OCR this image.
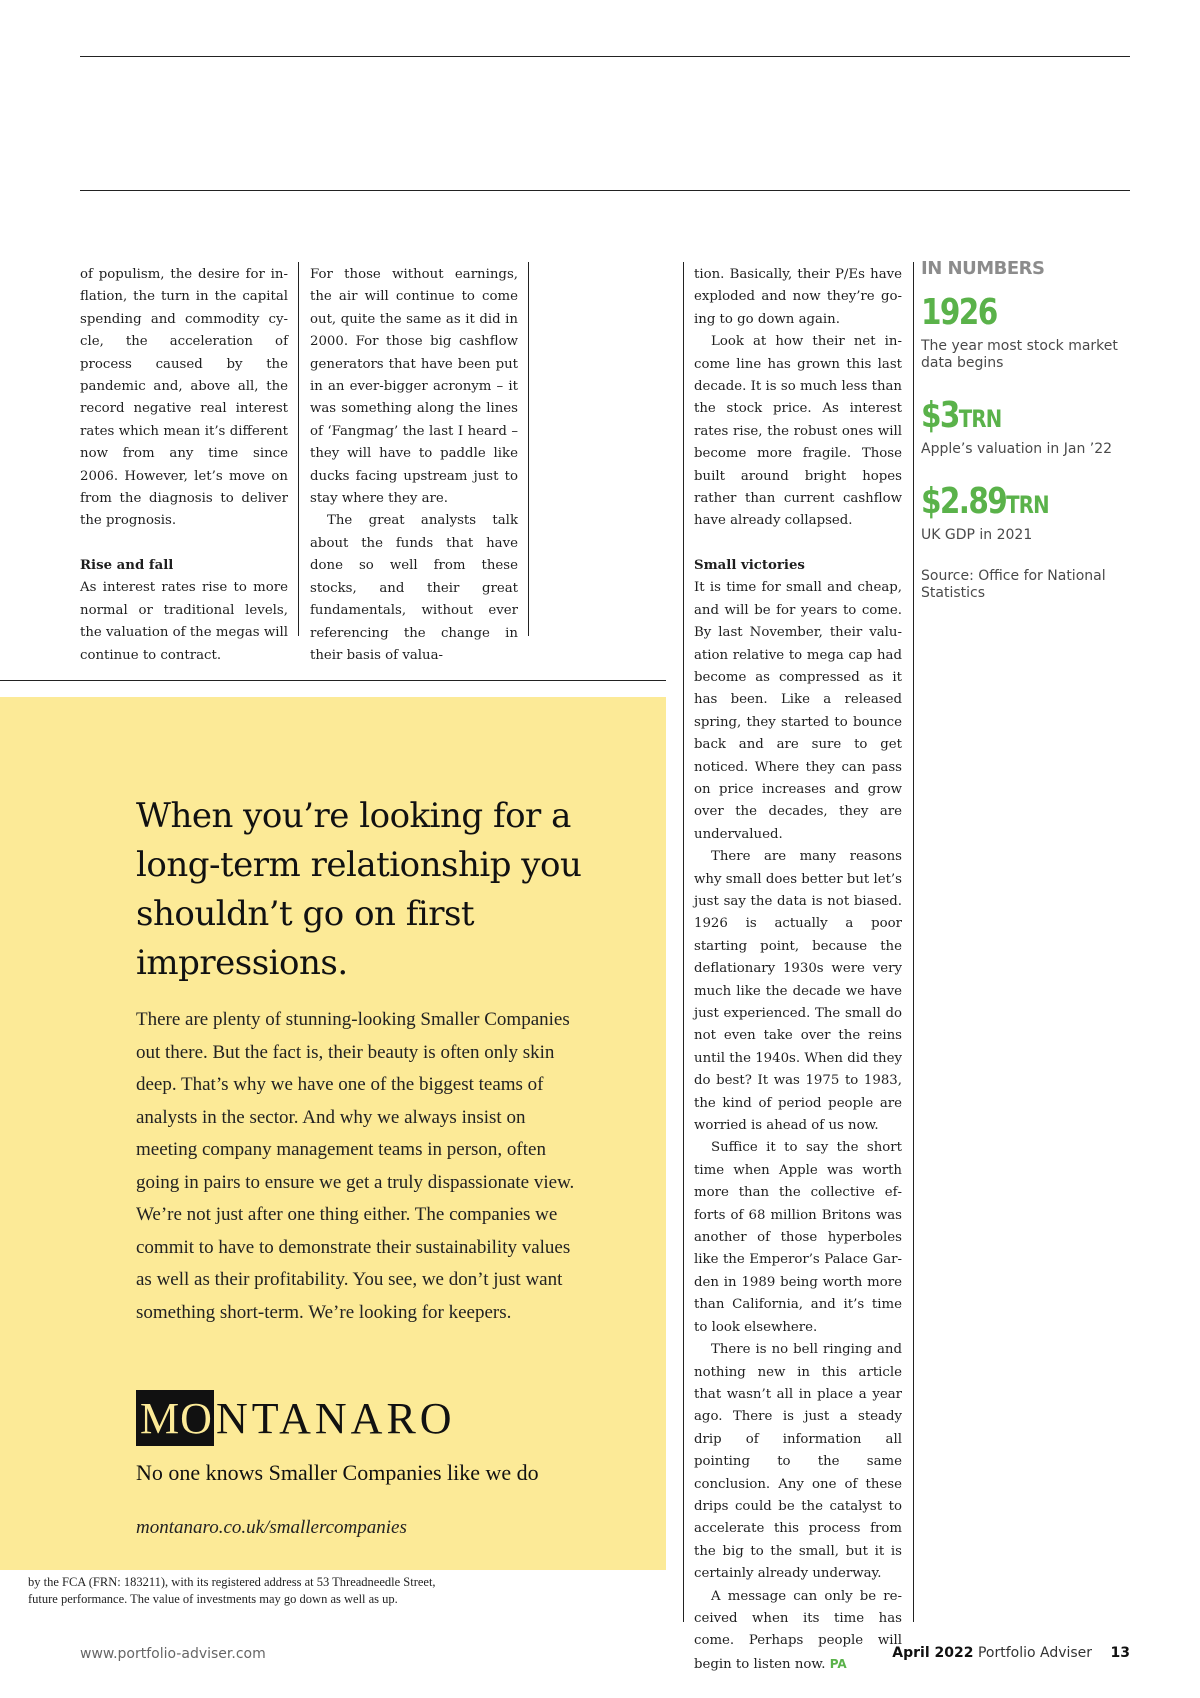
of populism, the desire for inflation, the turn in the capital spending and commodity cycle, the acceleration of process caused by the pandemic and, above all, the record negative real interest rates which mean it’s different now from any time since 2006. However, let’s move on from the diagnosis to deliver the prognosis.

Rise and fall

As interest rates rise to more normal or traditional levels, the valuation of the megas will continue to contract.

For those without earnings, the air will continue to come out, quite the same as it did in 2000. For those big cashflow generators that have been put in an ever-bigger acronym – it was something along the lines of ‘Fangmag’ the last I heard – they will have to paddle like ducks facing upstream just to stay where they are.

The great analysts talk about the funds that have done so well from these stocks, and their great fundamentals, without ever referencing the change in their basis of valua-

tion. Basically, their P/Es have exploded and now they’re going to go down again.

Look at how their net income line has grown this last decade. It is so much less than the stock price. As interest rates rise, the robust ones will become more fragile. Those built around bright hopes rather than current cashflow have already collapsed.

Small victories

It is time for small and cheap, and will be for years to come. By last November, their valuation relative to mega cap had become as compressed as it has been. Like a released spring, they started to bounce back and are sure to get noticed. Where they can pass on price increases and grow over the decades, they are undervalued.

There are many reasons why small does better but let’s just say the data is not biased. 1926 is actually a poor starting point, because the deflationary 1930s were very much like the decade we have just experienced. The small do not even take over the reins until the 1940s. When did they do best? It was 1975 to 1983, the kind of period people are worried is ahead of us now.

Suffice it to say the short time when Apple was worth more than the collective efforts of 68 million Britons was another of those hyperboles like the Emperor’s Palace Garden in 1989 being worth more than California, and it’s time to look elsewhere.

There is no bell ringing and nothing new in this article that wasn’t all in place a year ago. There is just a steady drip of information all pointing to the same conclusion. Any one of these drips could be the catalyst to accelerate this process from the big to the small, but it is certainly already underway.

A message can only be received when its time has come. Perhaps people will begin to listen now. PA

IN NUMBERS
1926
The year most stock market data begins
$3TRN
Apple’s valuation in Jan ’22
$2.89TRN
UK GDP in 2021
Source: Office for National Statistics
When you’re looking for a long-term relationship you shouldn’t go on first impressions.
There are plenty of stunning-looking Smaller Companies out there. But the fact is, their beauty is often only skin deep. That’s why we have one of the biggest teams of analysts in the sector. And why we always insist on meeting company management teams in person, often going in pairs to ensure we get a truly dispassionate view. We’re not just after one thing either. The companies we commit to have to demonstrate their sustainability values as well as their profitability. You see, we don’t just want something short-term. We’re looking for keepers.
MO NTANARO
No one knows Smaller Companies like we do
montanaro.co.uk/smallercompanies
by the FCA (FRN: 183211), with its registered address at 53 Threadneedle Street,
future performance. The value of investments may go down as well as up.
www.portfolio-adviser.com	April 2022 Portfolio Adviser 13
